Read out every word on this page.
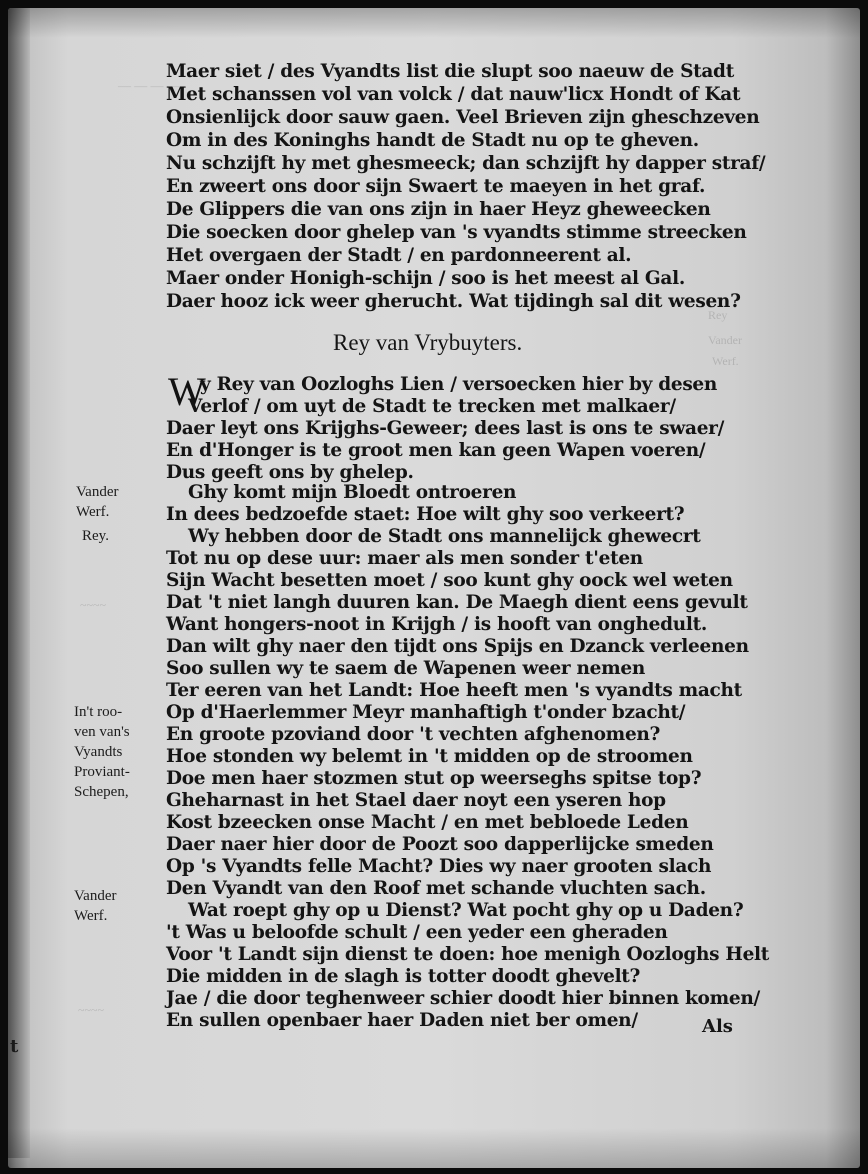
t
— — — —
Rey
Vander
Werf.
~~~~
~~~~
Maer siet / des Vyandts list die slupt soo naeuw de Stadt
Met schanssen vol van volck / dat nauw'licx Hondt of Kat
Onsienlijck door sauw gaen. Veel Brieven zijn gheschzeven
Om in des Koninghs handt de Stadt nu op te gheven.
Nu schzijft hy met ghesmeeck; dan schzijft hy dapper straf/
En zweert ons door sijn Swaert te maeyen in het graf.
De Glippers die van ons zijn in haer Heyz gheweecken
Die soecken door ghelep van 's vyandts stimme streecken
Het overgaen der Stadt / en pardonneerent al.
Maer onder Honigh-schijn / soo is het meest al Gal.
Daer hooz ick weer gherucht. Wat tijdingh sal dit wesen?
Rey van Vrybuyters.
W
y Rey van Oozloghs Lien / versoecken hier by desen
Verlof / om uyt de Stadt te trecken met malkaer/
Daer leyt ons Krijghs-Geweer; dees last is ons te swaer/
En d'Honger is te groot men kan geen Wapen voeren/
Dus geeft ons by ghelep.
Ghy komt mijn Bloedt ontroeren
In dees bedzoefde staet: Hoe wilt ghy soo verkeert?
Wy hebben door de Stadt ons mannelijck ghewecrt
Tot nu op dese uur: maer als men sonder t'eten
Sijn Wacht besetten moet / soo kunt ghy oock wel weten
Dat 't niet langh duuren kan. De Maegh dient eens gevult
Want hongers-noot in Krijgh / is hooft van onghedult.
Dan wilt ghy naer den tijdt ons Spijs en Dzanck verleenen
Soo sullen wy te saem de Wapenen weer nemen
Ter eeren van het Landt: Hoe heeft men 's vyandts macht
Op d'Haerlemmer Meyr manhaftigh t'onder bzacht/
En groote pzoviand door 't vechten afghenomen?
Hoe stonden wy belemt in 't midden op de stroomen
Doe men haer stozmen stut op weerseghs spitse top?
Gheharnast in het Stael daer noyt een yseren hop
Kost bzeecken onse Macht / en met bebloede Leden
Daer naer hier door de Poozt soo dapperlijcke smeden
Op 's Vyandts felle Macht? Dies wy naer grooten slach
Den Vyandt van den Roof met schande vluchten sach.
Wat roept ghy op u Dienst? Wat pocht ghy op u Daden?
't Was u beloofde schult / een yeder een gheraden
Voor 't Landt sijn dienst te doen: hoe menigh Oozloghs Helt
Die midden in de slagh is totter doodt ghevelt?
Jae / die door teghenweer schier doodt hier binnen komen/
En sullen openbaer haer Daden niet ber omen/
Vander
Werf.
Rey.
In't roo-
ven van's
Vyandts
Proviant-
Schepen,
Vander
Werf.
Als
